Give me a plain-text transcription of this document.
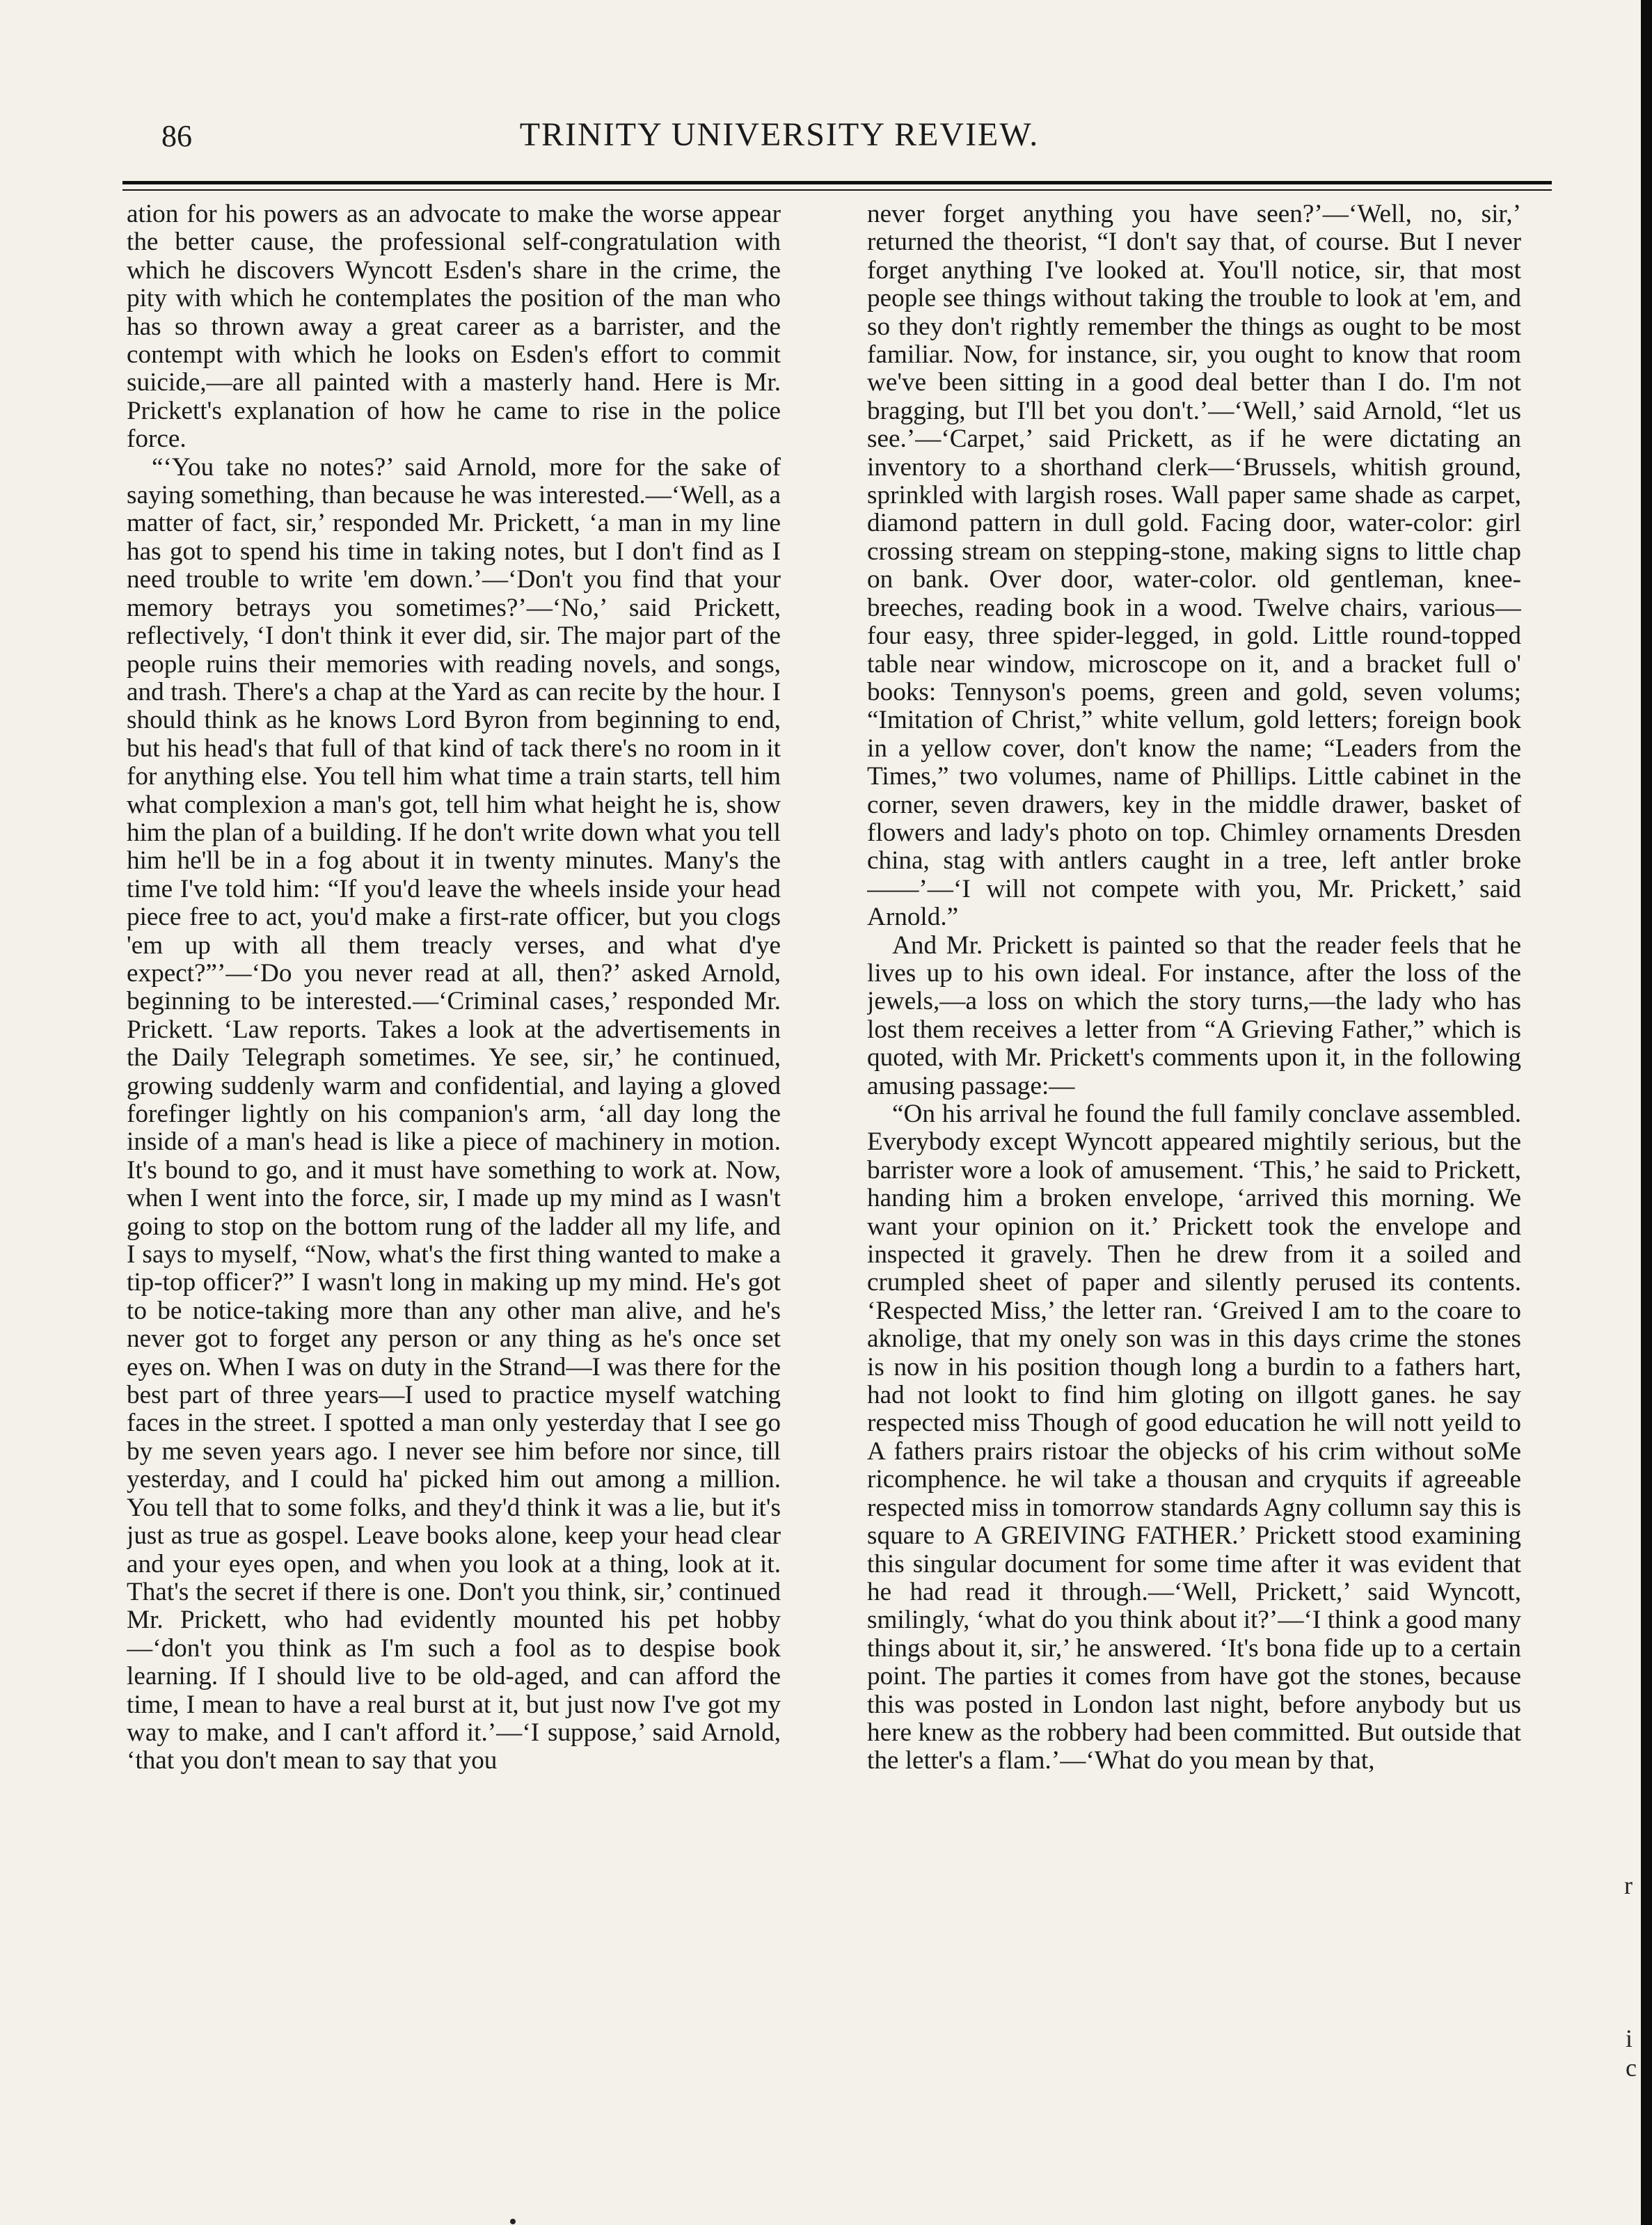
86	TRINITY UNIVERSITY REVIEW.

ation for his powers as an advocate to make the worse appear the better cause, the professional self-congratulation with which he discovers Wyncott Esden's share in the crime, the pity with which he contemplates the position of the man who has so thrown away a great career as a barrister, and the contempt with which he looks on Esden's effort to commit suicide,—are all painted with a masterly hand. Here is Mr. Prickett's explanation of how he came to rise in the police force.

“‘You take no notes?’ said Arnold, more for the sake of saying something, than because he was interested.—‘Well, as a matter of fact, sir,’ responded Mr. Prickett, ‘a man in my line has got to spend his time in taking notes, but I don't find as I need trouble to write 'em down.’—‘Don't you find that your memory betrays you sometimes?’—‘No,’ said Prickett, reflectively, ‘I don't think it ever did, sir. The major part of the people ruins their memories with reading novels, and songs, and trash. There's a chap at the Yard as can recite by the hour. I should think as he knows Lord Byron from beginning to end, but his head's that full of that kind of tack there's no room in it for anything else. You tell him what time a train starts, tell him what complexion a man's got, tell him what height he is, show him the plan of a building. If he don't write down what you tell him he'll be in a fog about it in twenty minutes. Many's the time I've told him: “If you'd leave the wheels inside your head piece free to act, you'd make a first-rate officer, but you clogs 'em up with all them treacly verses, and what d'ye expect?”’—‘Do you never read at all, then?’ asked Arnold, beginning to be interested.—‘Criminal cases,’ responded Mr. Prickett. ‘Law reports. Takes a look at the advertisements in the Daily Telegraph sometimes. Ye see, sir,’ he continued, growing suddenly warm and confidential, and laying a gloved forefinger lightly on his companion's arm, ‘all day long the inside of a man's head is like a piece of machinery in motion. It's bound to go, and it must have something to work at. Now, when I went into the force, sir, I made up my mind as I wasn't going to stop on the bottom rung of the ladder all my life, and I says to myself, “Now, what's the first thing wanted to make a tip-top officer?” I wasn't long in making up my mind. He's got to be notice-taking more than any other man alive, and he's never got to forget any person or any thing as he's once set eyes on. When I was on duty in the Strand—I was there for the best part of three years—I used to practice myself watching faces in the street. I spotted a man only yesterday that I see go by me seven years ago. I never see him before nor since, till yesterday, and I could ha' picked him out among a million. You tell that to some folks, and they'd think it was a lie, but it's just as true as gospel. Leave books alone, keep your head clear and your eyes open, and when you look at a thing, look at it. That's the secret if there is one. Don't you think, sir,’ continued Mr. Prickett, who had evidently mounted his pet hobby—‘don't you think as I'm such a fool as to despise book learning. If I should live to be old-aged, and can afford the time, I mean to have a real burst at it, but just now I've got my way to make, and I can't afford it.’—‘I suppose,’ said Arnold, ‘that you don't mean to say that you

never forget anything you have seen?’—‘Well, no, sir,’ returned the theorist, “I don't say that, of course. But I never forget anything I've looked at. You'll notice, sir, that most people see things without taking the trouble to look at 'em, and so they don't rightly remember the things as ought to be most familiar. Now, for instance, sir, you ought to know that room we've been sitting in a good deal better than I do. I'm not bragging, but I'll bet you don't.’—‘Well,’ said Arnold, “let us see.’—‘Carpet,’ said Prickett, as if he were dictating an inventory to a shorthand clerk—‘Brussels, whitish ground, sprinkled with largish roses. Wall paper same shade as carpet, diamond pattern in dull gold. Facing door, water-color: girl crossing stream on stepping-stone, making signs to little chap on bank. Over door, water-color. old gentleman, knee-breeches, reading book in a wood. Twelve chairs, various—four easy, three spider-legged, in gold. Little round-topped table near window, microscope on it, and a bracket full o' books: Tennyson's poems, green and gold, seven volums; “Imitation of Christ,” white vellum, gold letters; foreign book in a yellow cover, don't know the name; “Leaders from the Times,” two volumes, name of Phillips. Little cabinet in the corner, seven drawers, key in the middle drawer, basket of flowers and lady's photo on top. Chimley ornaments Dresden china, stag with antlers caught in a tree, left antler broke——’—‘I will not compete with you, Mr. Prickett,’ said Arnold.”

And Mr. Prickett is painted so that the reader feels that he lives up to his own ideal. For instance, after the loss of the jewels,—a loss on which the story turns,—the lady who has lost them receives a letter from “A Grieving Father,” which is quoted, with Mr. Prickett's comments upon it, in the following amusing passage:—

“On his arrival he found the full family conclave assembled. Everybody except Wyncott appeared mightily serious, but the barrister wore a look of amusement. ‘This,’ he said to Prickett, handing him a broken envelope, ‘arrived this morning. We want your opinion on it.’ Prickett took the envelope and inspected it gravely. Then he drew from it a soiled and crumpled sheet of paper and silently perused its contents. ‘Respected Miss,’ the letter ran. ‘Greived I am to the coare to aknolige, that my onely son was in this days crime the stones is now in his position though long a burdin to a fathers hart, had not lookt to find him gloting on illgott ganes. he say respected miss Though of good education he will nott yeild to A fathers prairs ristoar the objecks of his crim without soMe ricomphence. he wil take a thousan and cryquits if agreeable respected miss in tomorrow standards Agny collumn say this is square to A GREIVING FATHER.’ Prickett stood examining this singular document for some time after it was evident that he had read it through.—‘Well, Prickett,’ said Wyncott, smilingly, ‘what do you think about it?’—‘I think a good many things about it, sir,’ he answered. ‘It's bona fide up to a certain point. The parties it comes from have got the stones, because this was posted in London last night, before anybody but us here knew as the robbery had been committed. But outside that the letter's a flam.’—‘What do you mean by that,

r
i
c
